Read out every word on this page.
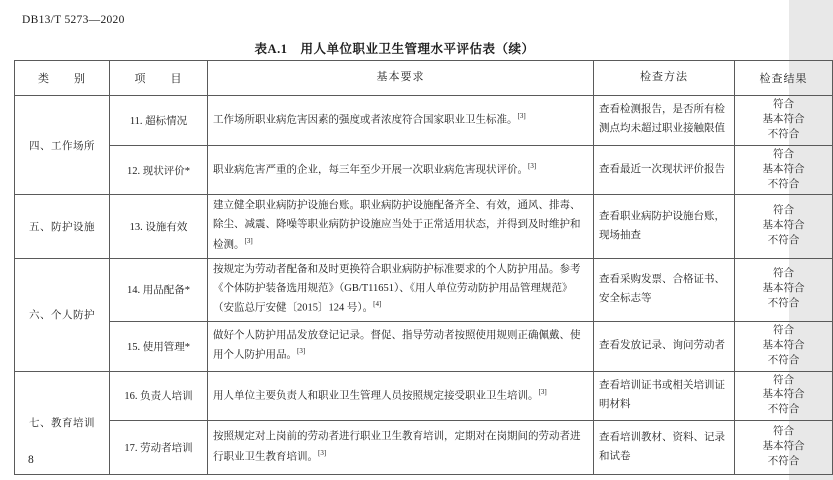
DB13/T 5273—2020
表A.1　用人单位职业卫生管理水平评估表（续）
类　　别	项　　目	基本要求	检查方法	检查结果
四、工作场所	11. 超标情况	工作场所职业病危害因素的强度或者浓度符合国家职业卫生标准。[3]	查看检测报告，是否所有检测点均未超过职业接触限值	符合
基本符合
不符合

	12. 现状评价*	职业病危害严重的企业，每三年至少开展一次职业病危害现状评价。[3]	查看最近一次现状评价报告	符合
基本符合
不符合

五、防护设施	13. 设施有效	建立健全职业病防护设施台账。职业病防护设施配备齐全、有效，通风、排毒、除尘、减震、降噪等职业病防护设施应当处于正常适用状态，并得到及时维护和检测。[3]	查看职业病防护设施台账，现场抽查	符合
基本符合
不符合

六、个人防护	14. 用品配备*	按规定为劳动者配备和及时更换符合职业病防护标准要求的个人防护用品。参考《个体防护装备选用规范》（GB/T11651）、《用人单位劳动防护用品管理规范》（安监总厅安健〔2015〕124 号）。[4]	查看采购发票、合格证书、安全标志等	符合
基本符合
不符合

	15. 使用管理*	做好个人防护用品发放登记记录。督促、指导劳动者按照使用规则正确佩戴、使用个人防护用品。[3]	查看发放记录、询问劳动者	符合
基本符合
不符合

七、教育培训	16. 负责人培训	用人单位主要负责人和职业卫生管理人员按照规定接受职业卫生培训。[3]	查看培训证书或相关培训证明材料	符合
基本符合
不符合

	17. 劳动者培训	按照规定对上岗前的劳动者进行职业卫生教育培训，定期对在岗期间的劳动者进行职业卫生教育培训。[3]	查看培训教材、资料、记录和试卷	符合
基本符合
不符合
8
